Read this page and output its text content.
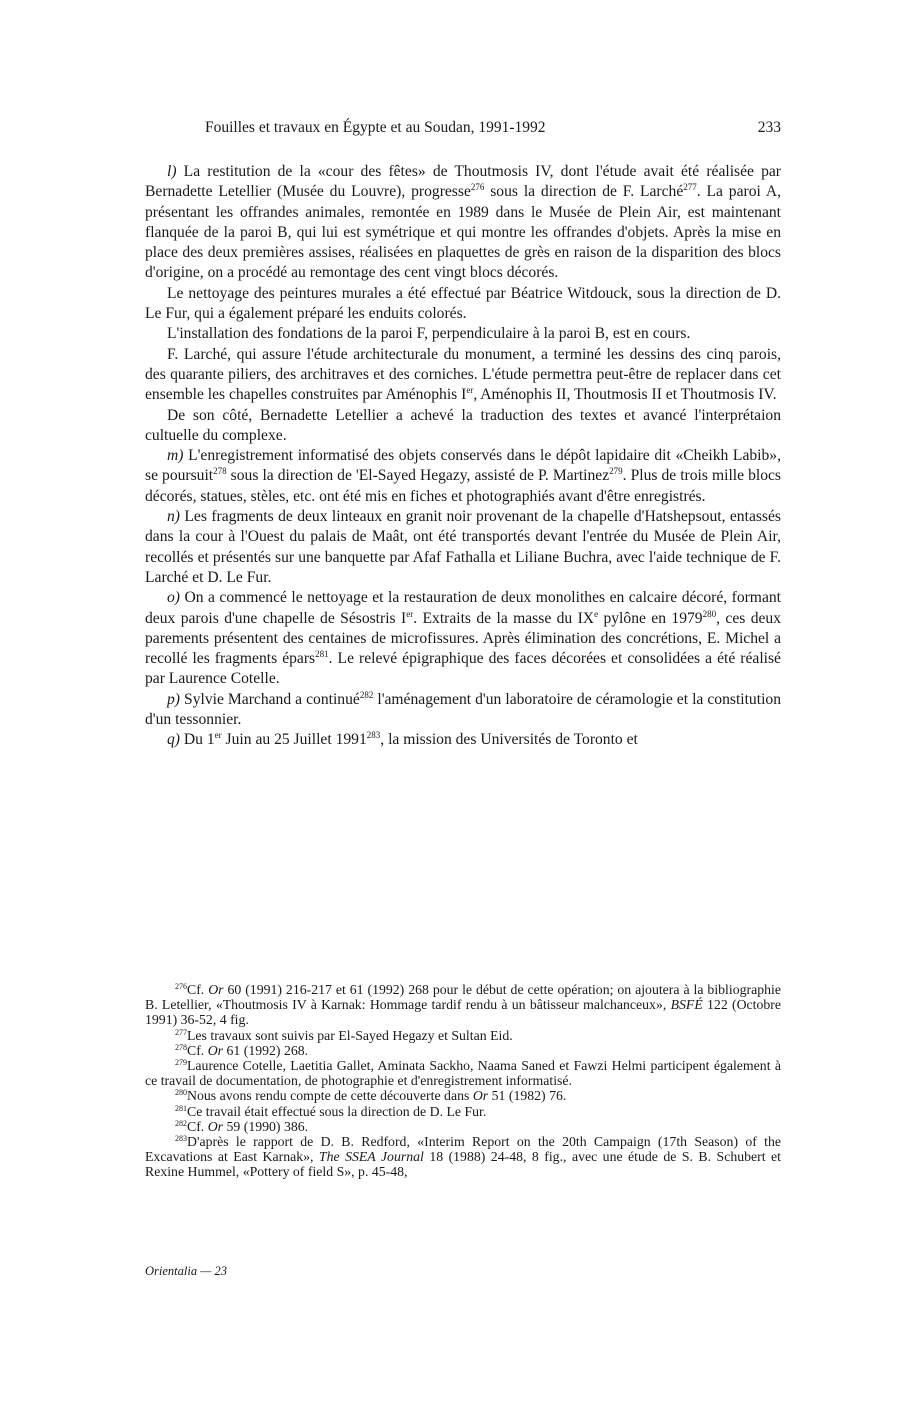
Fouilles et travaux en Égypte et au Soudan, 1991-1992	233

l) La restitution de la «cour des fêtes» de Thoutmosis IV, dont l'étude avait été réalisée par Bernadette Letellier (Musée du Louvre), progresse$^{276}$ sous la direction de F. Larché$^{277}$. La paroi A, présentant les offrandes animales, remontée en 1989 dans le Musée de Plein Air, est maintenant flanquée de la paroi B, qui lui est symétrique et qui montre les offrandes d'objets. Après la mise en place des deux premières assises, réalisées en plaquettes de grès en raison de la disparition des blocs d'origine, on a procédé au remontage des cent vingt blocs décorés.

Le nettoyage des peintures murales a été effectué par Béatrice Witdouck, sous la direction de D. Le Fur, qui a également préparé les enduits colorés.

L'installation des fondations de la paroi F, perpendiculaire à la paroi B, est en cours.

F. Larché, qui assure l'étude architecturale du monument, a terminé les dessins des cinq parois, des quarante piliers, des architraves et des corniches. L'étude permettra peut-être de replacer dans cet ensemble les chapelles construites par Aménophis Ier, Aménophis II, Thoutmosis II et Thoutmosis IV.

De son côté, Bernadette Letellier a achevé la traduction des textes et avancé l'interprétaion cultuelle du complexe.

m) L'enregistrement informatisé des objets conservés dans le dépôt lapidaire dit «Cheikh Labib», se poursuit$^{278}$ sous la direction de 'El-Sayed Hegazy, assisté de P. Martinez$^{279}$. Plus de trois mille blocs décorés, statues, stèles, etc. ont été mis en fiches et photographiés avant d'être enregistrés.

n) Les fragments de deux linteaux en granit noir provenant de la chapelle d'Hatshepsout, entassés dans la cour à l'Ouest du palais de Maât, ont été transportés devant l'entrée du Musée de Plein Air, recollés et présentés sur une banquette par Afaf Fathalla et Liliane Buchra, avec l'aide technique de F. Larché et D. Le Fur.

o) On a commencé le nettoyage et la restauration de deux monolithes en calcaire décoré, formant deux parois d'une chapelle de Sésostris Ier. Extraits de la masse du IXe pylône en 1979$^{280}$, ces deux parements présentent des centaines de microfissures. Après élimination des concrétions, E. Michel a recollé les fragments épars$^{281}$. Le relevé épigraphique des faces décorées et consolidées a été réalisé par Laurence Cotelle.

p) Sylvie Marchand a continué$^{282}$ l'aménagement d'un laboratoire de céramologie et la constitution d'un tessonnier.

q) Du 1er Juin au 25 Juillet 1991$^{283}$, la mission des Universités de Toronto et

$^{276}$Cf. Or 60 (1991) 216-217 et 61 (1992) 268 pour le début de cette opération; on ajoutera à la bibliographie B. Letellier, «Thoutmosis IV à Karnak: Hommage tardif rendu à un bâtisseur malchanceux», BSFÉ 122 (Octobre 1991) 36-52, 4 fig.

$^{277}$Les travaux sont suivis par El-Sayed Hegazy et Sultan Eid.

$^{278}$Cf. Or 61 (1992) 268.

$^{279}$Laurence Cotelle, Laetitia Gallet, Aminata Sackho, Naama Saned et Fawzi Helmi participent également à ce travail de documentation, de photographie et d'enregistrement informatisé.

$^{280}$Nous avons rendu compte de cette découverte dans Or 51 (1982) 76.

$^{281}$Ce travail était effectué sous la direction de D. Le Fur.

$^{282}$Cf. Or 59 (1990) 386.

$^{283}$D'après le rapport de D. B. Redford, «Interim Report on the 20th Campaign (17th Season) of the Excavations at East Karnak», The SSEA Journal 18 (1988) 24-48, 8 fig., avec une étude de S. B. Schubert et Rexine Hummel, «Pottery of field S», p. 45-48,

Orientalia — 23
